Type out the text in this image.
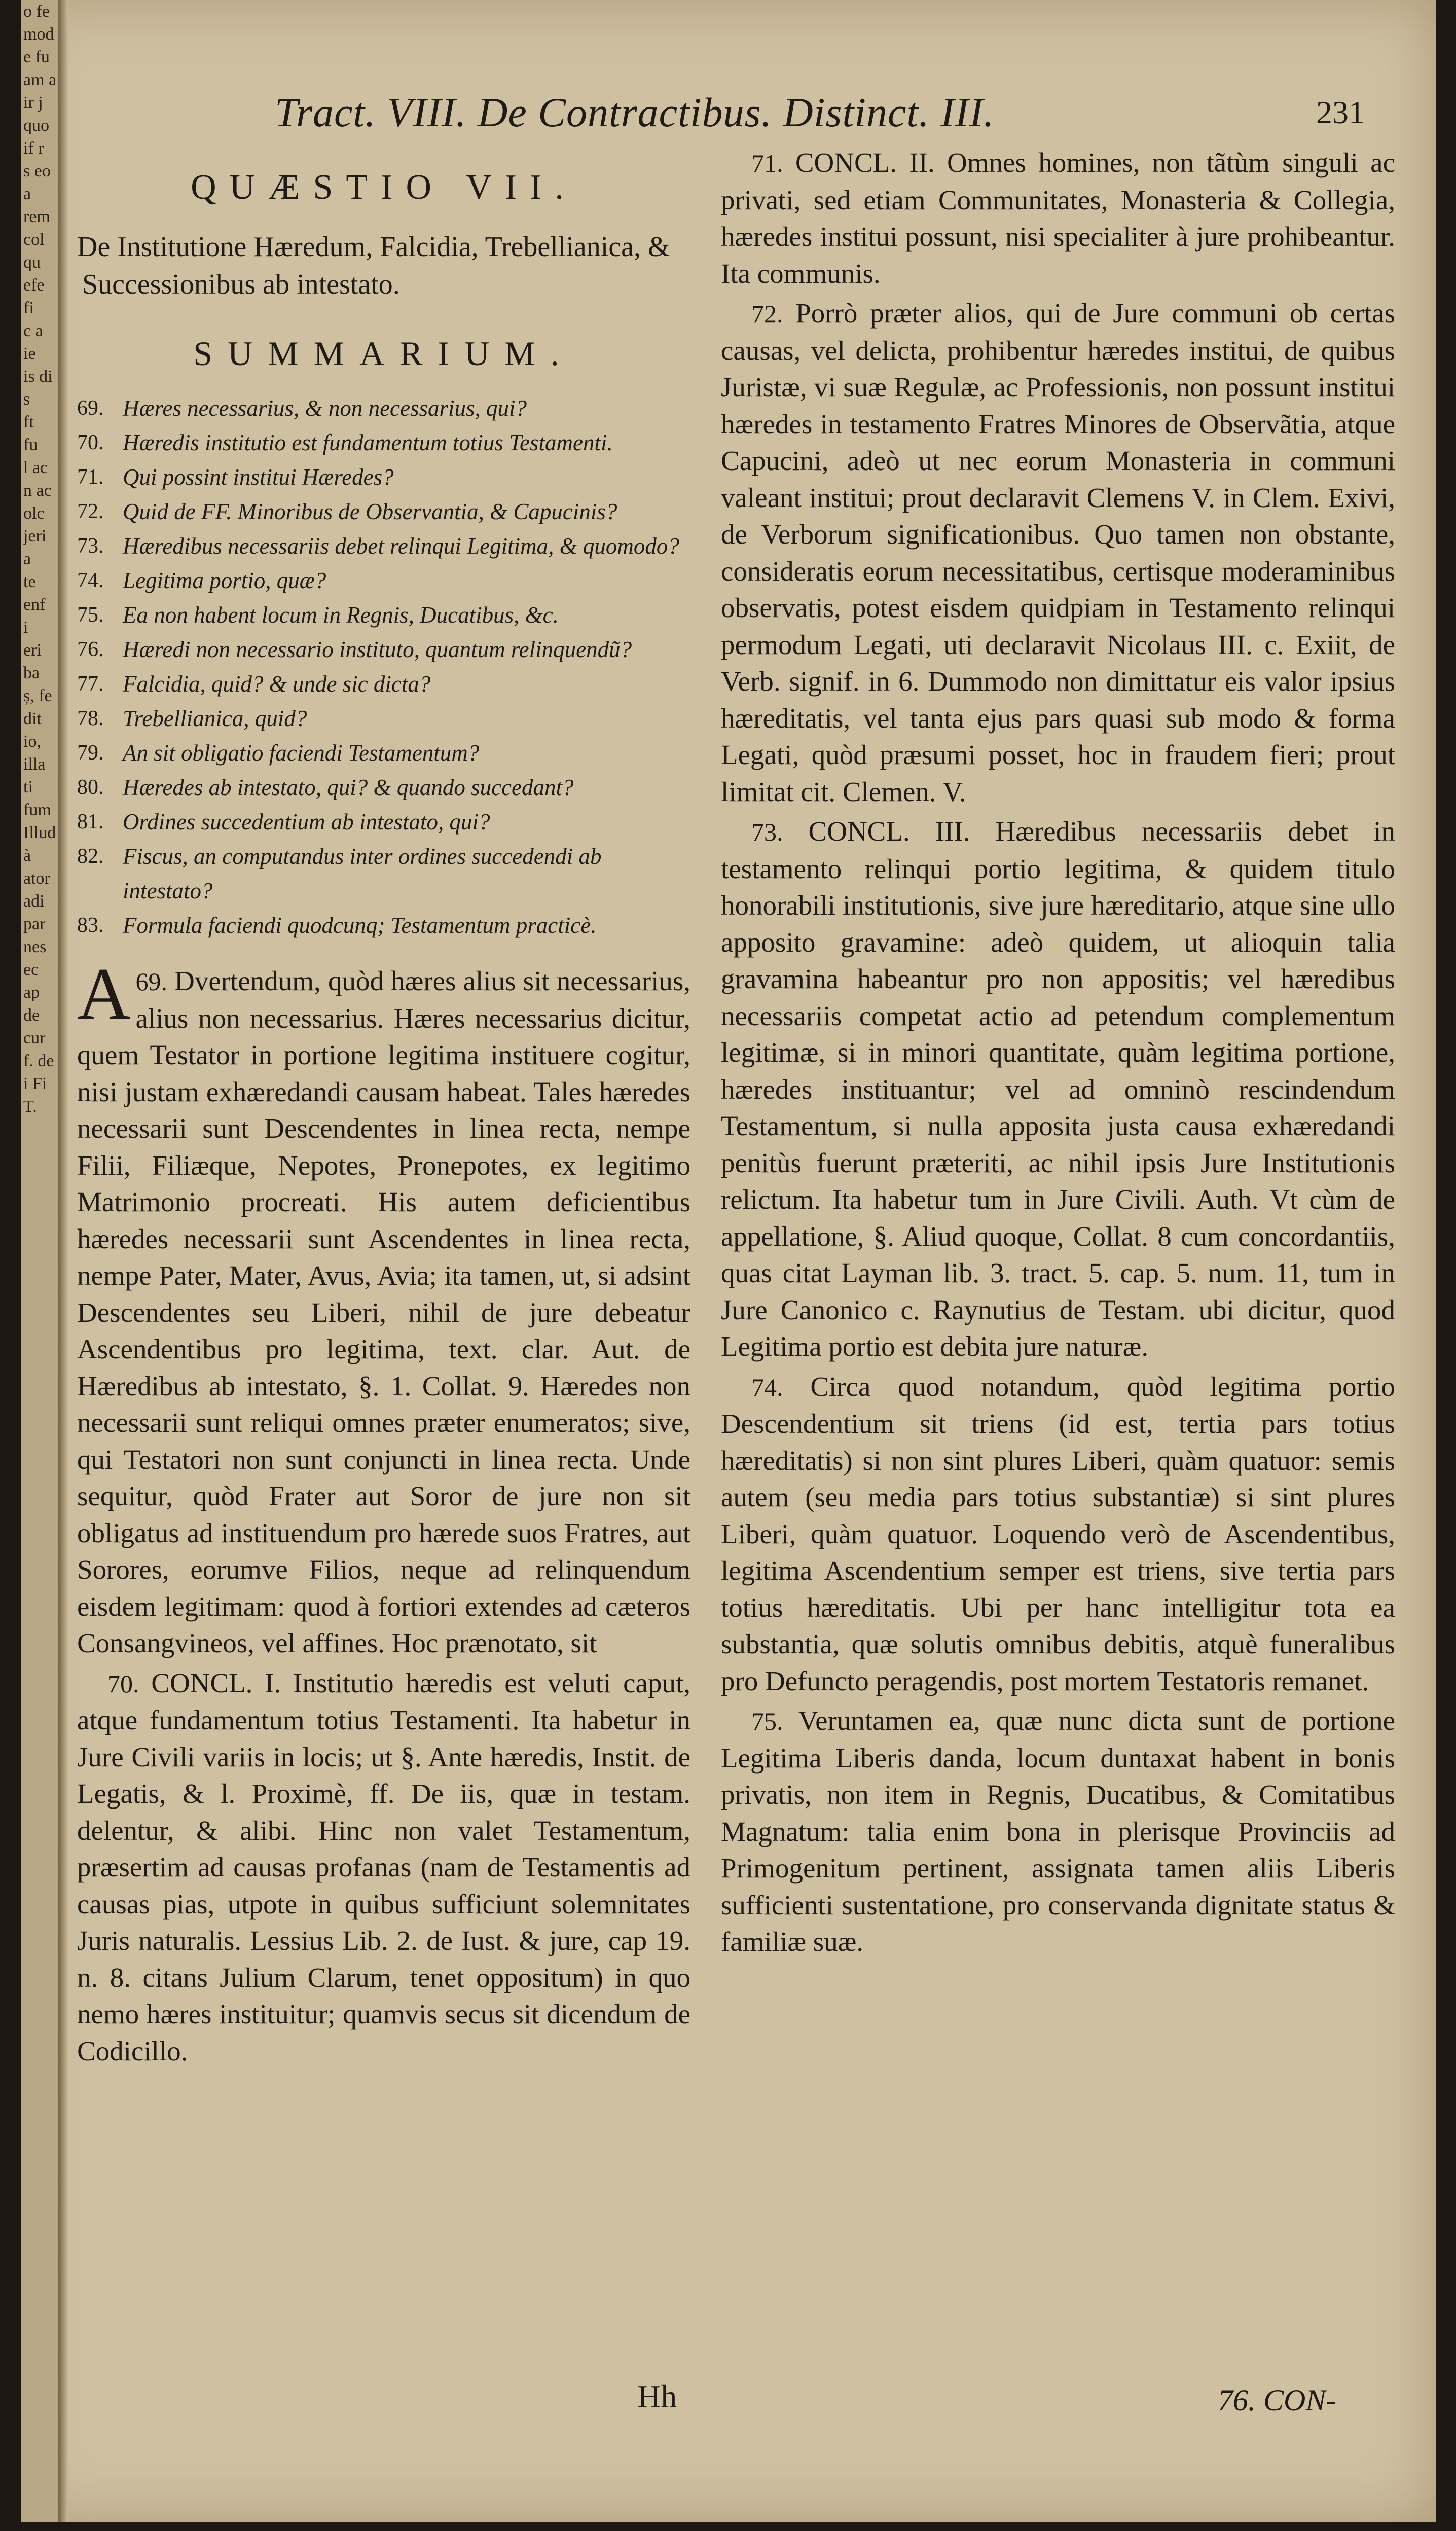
o fe
mod
e fu
am a
ir j
quo
if r
s eo
a
rem
col
qu
efe
fi
c a
ie
is di
s
ft
fu
l ac
n ac
olc
jeri
a
te
enf
i
eri
ba
ș, fe
dit
io,
illa
ti
fum
Illud
à
ator
adi
par
nes
ec
ap
de
cur
f. de
i Fi
T.
Tract. VIII. De Contractibus. Distinct. III.	231
QUÆSTIO VII.
De Institutione Hæredum, Falcidia, Trebellianica, & Successionibus ab intestato.
SUMMARIUM.
69. Hæres necessarius, & non necessarius, qui?
70. Hæredis institutio est fundamentum totius Testamenti.
71. Qui possint institui Hæredes?
72. Quid de FF. Minoribus de Observantia, & Capucinis?
73. Hæredibus necessariis debet relinqui Legitima, & quomodo?
74. Legitima portio, quæ?
75. Ea non habent locum in Regnis, Ducatibus, &c.
76. Hæredi non necessario instituto, quantum relinquendũ?
77. Falcidia, quid? & unde sic dicta?
78. Trebellianica, quid?
79. An sit obligatio faciendi Testamentum?
80. Hæredes ab intestato, qui? & quando succedant?
81. Ordines succedentium ab intestato, qui?
82. Fiscus, an computandus inter ordines succedendi ab intestato?
83. Formula faciendi quodcunq; Testamentum practicè.

69.
A Dvertendum, quòd hæres alius sit necessarius, alius non necessarius. Hæres necessarius dicitur, quem Testator in portione legitima instituere cogitur, nisi justam exhæredandi causam habeat. Tales hæredes necessarii sunt Descendentes in linea recta, nempe Filii, Filiæque, Nepotes, Pronepotes, ex legitimo Matrimonio procreati. His autem deficientibus hæredes necessarii sunt Ascendentes in linea recta, nempe Pater, Mater, Avus, Avia; ita tamen, ut, si adsint Descendentes seu Liberi, nihil de jure debeatur Ascendentibus pro legitima, text. clar. Aut. de Hæredibus ab intestato, §. 1. Collat. 9. Hæredes non necessarii sunt reliqui omnes præter enumeratos; sive, qui Testatori non sunt conjuncti in linea recta. Unde sequitur, quòd Frater aut Soror de jure non sit obligatus ad instituendum pro hærede suos Fratres, aut Sorores, eorumve Filios, neque ad relinquendum eisdem legitimam: quod à fortiori extendes ad cæteros Consangvineos, vel affines. Hoc prænotato, sit

70. CONCL. I. Institutio hæredis est veluti caput, atque fundamentum totius Testamenti. Ita habetur in Jure Civili variis in locis; ut §. Ante hæredis, Instit. de Legatis, & l. Proximè, ff. De iis, quæ in testam. delentur, & alibi. Hinc non valet Testamentum, præsertim ad causas profanas (nam de Testamentis ad causas pias, utpote in quibus sufficiunt solemnitates Juris naturalis. Lessius Lib. 2. de Iust. & jure, cap 19. n. 8. citans Julium Clarum, tenet oppositum) in quo nemo hæres instituitur; quamvis secus sit dicendum de Codicillo.

71. CONCL. II. Omnes homines, non tãtùm singuli ac privati, sed etiam Communitates, Monasteria & Collegia, hæredes institui possunt, nisi specialiter à jure prohibeantur. Ita communis.

72. Porrò præter alios, qui de Jure communi ob certas causas, vel delicta, prohibentur hæredes institui, de quibus Juristæ, vi suæ Regulæ, ac Professionis, non possunt institui hæredes in testamento Fratres Minores de Observãtia, atque Capucini, adeò ut nec eorum Monasteria in communi valeant institui; prout declaravit Clemens V. in Clem. Exivi, de Verborum significationibus. Quo tamen non obstante, consideratis eorum necessitatibus, certisque moderaminibus observatis, potest eisdem quidpiam in Testamento relinqui permodum Legati, uti declaravit Nicolaus III. c. Exiit, de Verb. signif. in 6. Dummodo non dimittatur eis valor ipsius hæreditatis, vel tanta ejus pars quasi sub modo & forma Legati, quòd præsumi posset, hoc in fraudem fieri; prout limitat cit. Clemen. V.

73. CONCL. III. Hæredibus necessariis debet in testamento relinqui portio legitima, & quidem titulo honorabili institutionis, sive jure hæreditario, atque sine ullo apposito gravamine: adeò quidem, ut alioquin talia gravamina habeantur pro non appositis; vel hæredibus necessariis competat actio ad petendum complementum legitimæ, si in minori quantitate, quàm legitima portione, hæredes instituantur; vel ad omninò rescindendum Testamentum, si nulla apposita justa causa exhæredandi penitùs fuerunt præteriti, ac nihil ipsis Jure Institutionis relictum. Ita habetur tum in Jure Civili. Auth. Vt cùm de appellatione, §. Aliud quoque, Collat. 8 cum concordantiis, quas citat Layman lib. 3. tract. 5. cap. 5. num. 11, tum in Jure Canonico c. Raynutius de Testam. ubi dicitur, quod Legitima portio est debita jure naturæ.

74. Circa quod notandum, quòd legitima portio Descendentium sit triens (id est, tertia pars totius hæreditatis) si non sint plures Liberi, quàm quatuor: semis autem (seu media pars totius substantiæ) si sint plures Liberi, quàm quatuor. Loquendo verò de Ascendentibus, legitima Ascendentium semper est triens, sive tertia pars totius hæreditatis. Ubi per hanc intelligitur tota ea substantia, quæ solutis omnibus debitis, atquè funeralibus pro Defuncto peragendis, post mortem Testatoris remanet.

75. Veruntamen ea, quæ nunc dicta sunt de portione Legitima Liberis danda, locum duntaxat habent in bonis privatis, non item in Regnis, Ducatibus, & Comitatibus Magnatum: talia enim bona in plerisque Provinciis ad Primogenitum pertinent, assignata tamen aliis Liberis sufficienti sustentatione, pro conservanda dignitate status & familiæ suæ.

Hh	76. CON-
